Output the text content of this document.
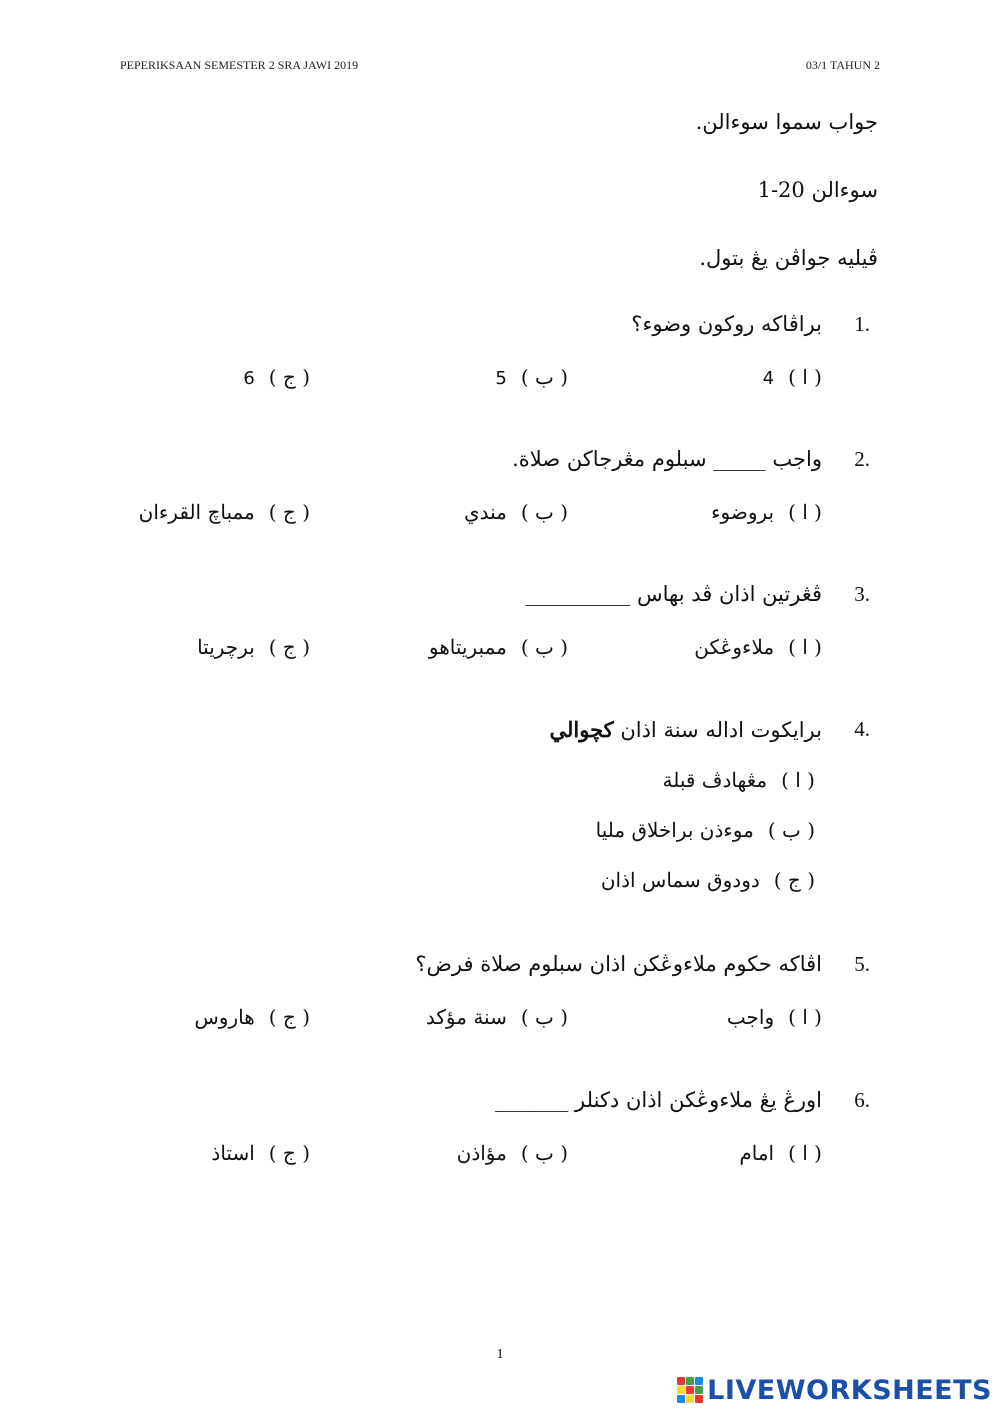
PEPERIKSAAN SEMESTER 2 SRA JAWI 2019	03/1 TAHUN 2
جواب سموا سوءالن.
سوءالن 20-1
ڤيليه جواڤن يڠ بتول.
1.
براڤاكه روكون وضوء؟
( ا )4
( ب )5
( ج )6
2.
واجب _____ سبلوم مڠرجاكن صلاة.
( ا )بروضوء
( ب )مندي
( ج )ممباچ القرءان
3.
ڤڠرتين اذان ڤد بهاس __________
( ا )ملاءوڠكن
( ب )ممبريتاهو
( ج )برچريتا
4.
برايكوت اداله سنة اذان كچوالي
( ا )مڠهادڤ قبلة
( ب )موءذن براخلاق مليا
( ج )دودوق سماس اذان
5.
اڤاكه حكوم ملاءوڠكن اذان سبلوم صلاة فرض؟
( ا )واجب
( ب )سنة مؤكد
( ج )هاروس
6.
اورڠ يڠ ملاءوڠكن اذان دكنلر _______
( ا )امام
( ب )مؤاذن
( ج )استاذ
1
LIVEWORKSHEETS
